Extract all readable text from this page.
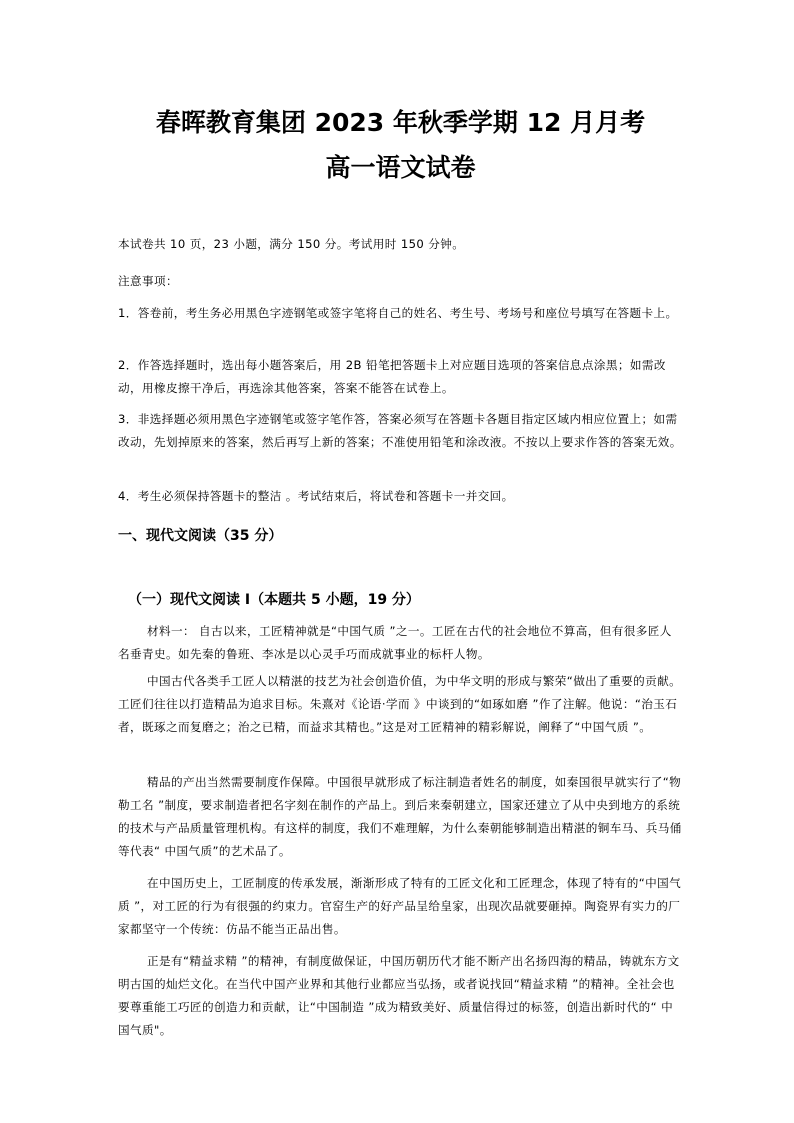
春晖教育集团 2023 年秋季学期 12 月月考
高一语文试卷

本试卷共 10 页，23 小题，满分 150 分。考试用时 150 分钟。

注意事项：

1．答卷前，考生务必用黑色字迹钢笔或签字笔将自己的姓名、考生号、考场号和座位号填写在答题卡上。

2．作答选择题时，选出每小题答案后，用 2B 铅笔把答题卡上对应题目选项的答案信息点涂黑；如需改动，用橡皮擦干净后，再选涂其他答案，答案不能答在试卷上。

3．非选择题必须用黑色字迹钢笔或签字笔作答，答案必须写在答题卡各题目指定区域内相应位置上；如需改动，先划掉原来的答案，然后再写上新的答案；不准使用铅笔和涂改液。不按以上要求作答的答案无效。

4．考生必须保持答题卡的整洁 。考试结束后，将试卷和答题卡一并交回。

一、现代文阅读（35 分）
（一）现代文阅读 I（本题共 5 小题，19 分）

材料一： 自古以来，工匠精神就是“中国气质 ”之一。工匠在古代的社会地位不算高，但有很多匠人名垂青史。如先秦的鲁班、李冰是以心灵手巧而成就事业的标杆人物。

中国古代各类手工匠人以精湛的技艺为社会创造价值，为中华文明的形成与繁荣“做出了重要的贡献。工匠们往往以打造精品为追求目标。朱熹对《论语·学而 》中谈到的“如琢如磨 ”作了注解。他说：“治玉石者，既琢之而复磨之；治之已精，而益求其精也。”这是对工匠精神的精彩解说，阐释了“中国气质 ”。

精品的产出当然需要制度作保障。中国很早就形成了标注制造者姓名的制度，如秦国很早就实行了“物勒工名 ”制度，要求制造者把名字刻在制作的产品上。到后来秦朝建立，国家还建立了从中央到地方的系统的技术与产品质量管理机构。有这样的制度，我们不难理解，为什么秦朝能够制造出精湛的铜车马、兵马俑等代表“ 中国气质”的艺术品了。

在中国历史上，工匠制度的传承发展，渐渐形成了特有的工匠文化和工匠理念，体现了特有的“中国气质 ”，对工匠的行为有很强的约束力。官窑生产的好产品呈给皇家，出现次品就要砸掉。陶瓷界有实力的厂家都坚守一个传统：仿品不能当正品出售。

正是有“精益求精 ”的精神，有制度做保证，中国历朝历代才能不断产出名扬四海的精品，铸就东方文明古国的灿烂文化。在当代中国产业界和其他行业都应当弘扬，或者说找回“精益求精 ”的精神。全社会也要尊重能工巧匠的创造力和贡献，让“中国制造 ”成为精致美好、质量信得过的标签，创造出新时代的“ 中国气质"。
